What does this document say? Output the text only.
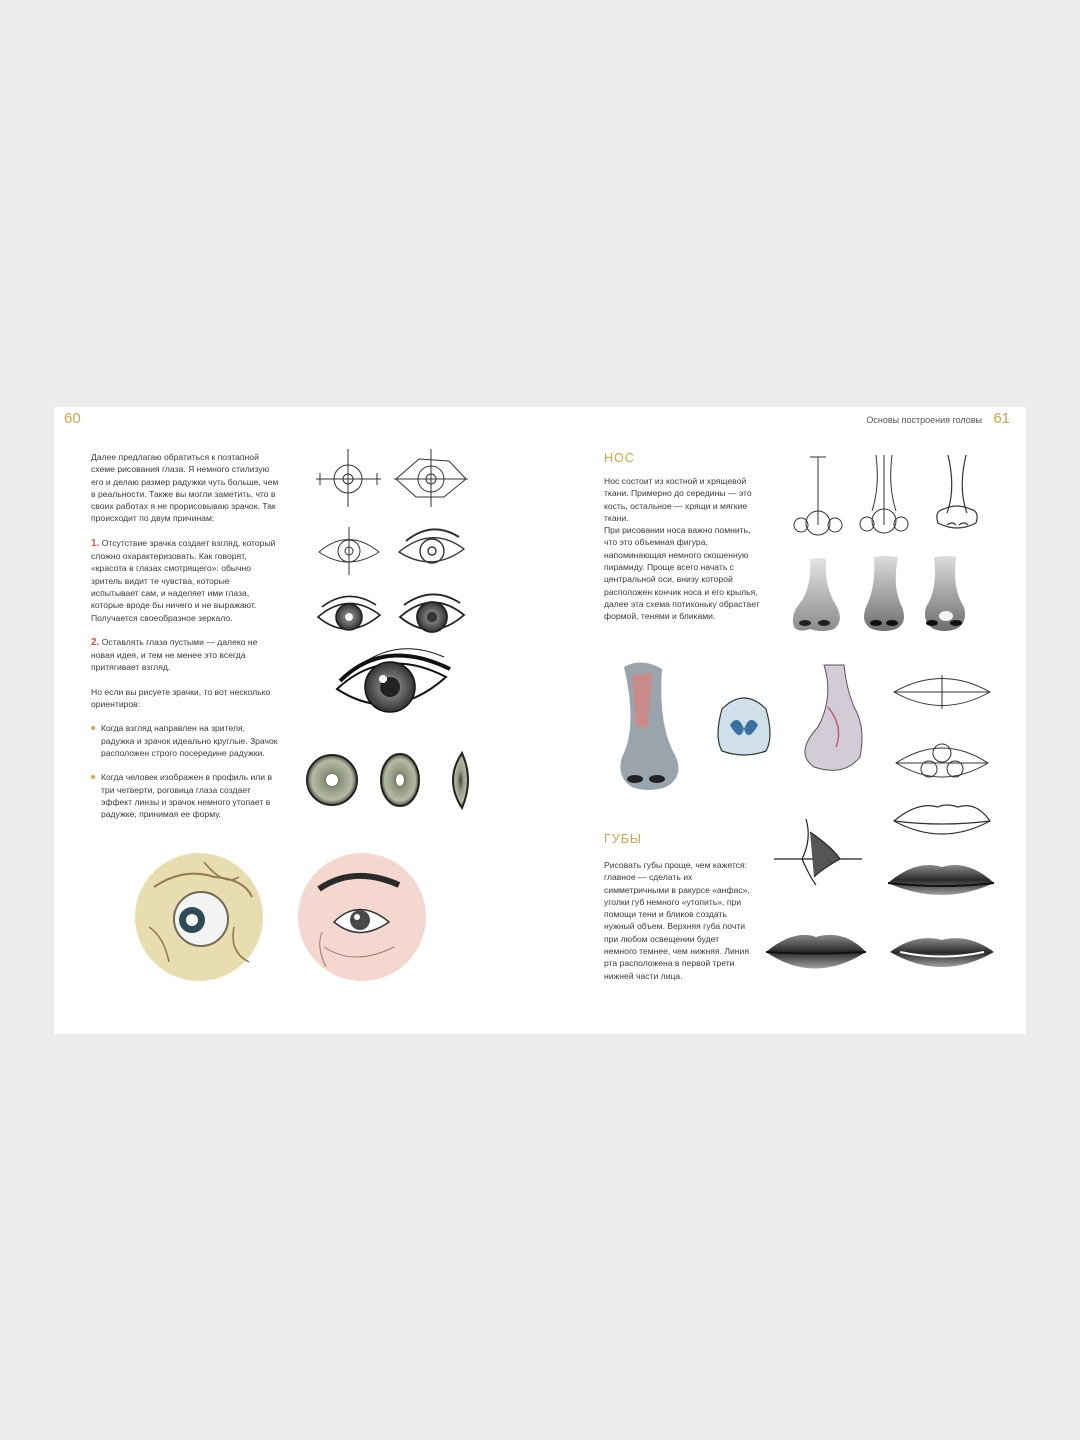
60

Далее предлагаю обратиться к поэтапной схеме рисования глаза. Я немного стилизую его и делаю размер радужки чуть больше, чем в реальности. Также вы могли заметить, что в своих работах я не прорисовываю зрачок. Так происходит по двум причинам:

1. Отсутствие зрачка создает взгляд, который сложно охарактеризовать. Как говорят, «красота в глазах смотрящего»: обычно зритель видит те чувства, которые испытывает сам, и наделяет ими глаза, которые вроде бы ничего и не выражают. Получается своеобразное зеркало.

2. Оставлять глаза пустыми — далеко не новая идея, и тем не менее это всегда притягивает взгляд.

Но если вы рисуете зрачки, то вот несколько ориентиров:

Когда взгляд направлен на зрителя, радужка и зрачок идеально круглые. Зрачок расположен строго посередине радужки.
Когда человек изображен в профиль или в три четверти, роговица глаза создает эффект линзы и зрачок немного утопает в радужке, принимая ее форму.
Основы построения головы 61
НОС
Нос состоит из костной и хрящевой ткани. Примерно до середины — это кость, остальное — хрящи и мягкие ткани.
При рисовании носа важно помнить, что это объемная фигура, напоминающая немного скошенную пирамиду. Проще всего начать с центральной оси, внизу которой расположен кончик носа и его крылья, далее эта схема потихоньку обрастает формой, тенями и бликами.
ГУБЫ
Рисовать губы проще, чем кажется: главное — сделать их симметричными в ракурсе «анфас», уголки губ немного «утопить», при помощи тени и бликов создать нужный объем. Верхняя губа почти при любом освещении будет немного темнее, чем нижняя. Линия рта расположена в первой трети нижней части лица.
